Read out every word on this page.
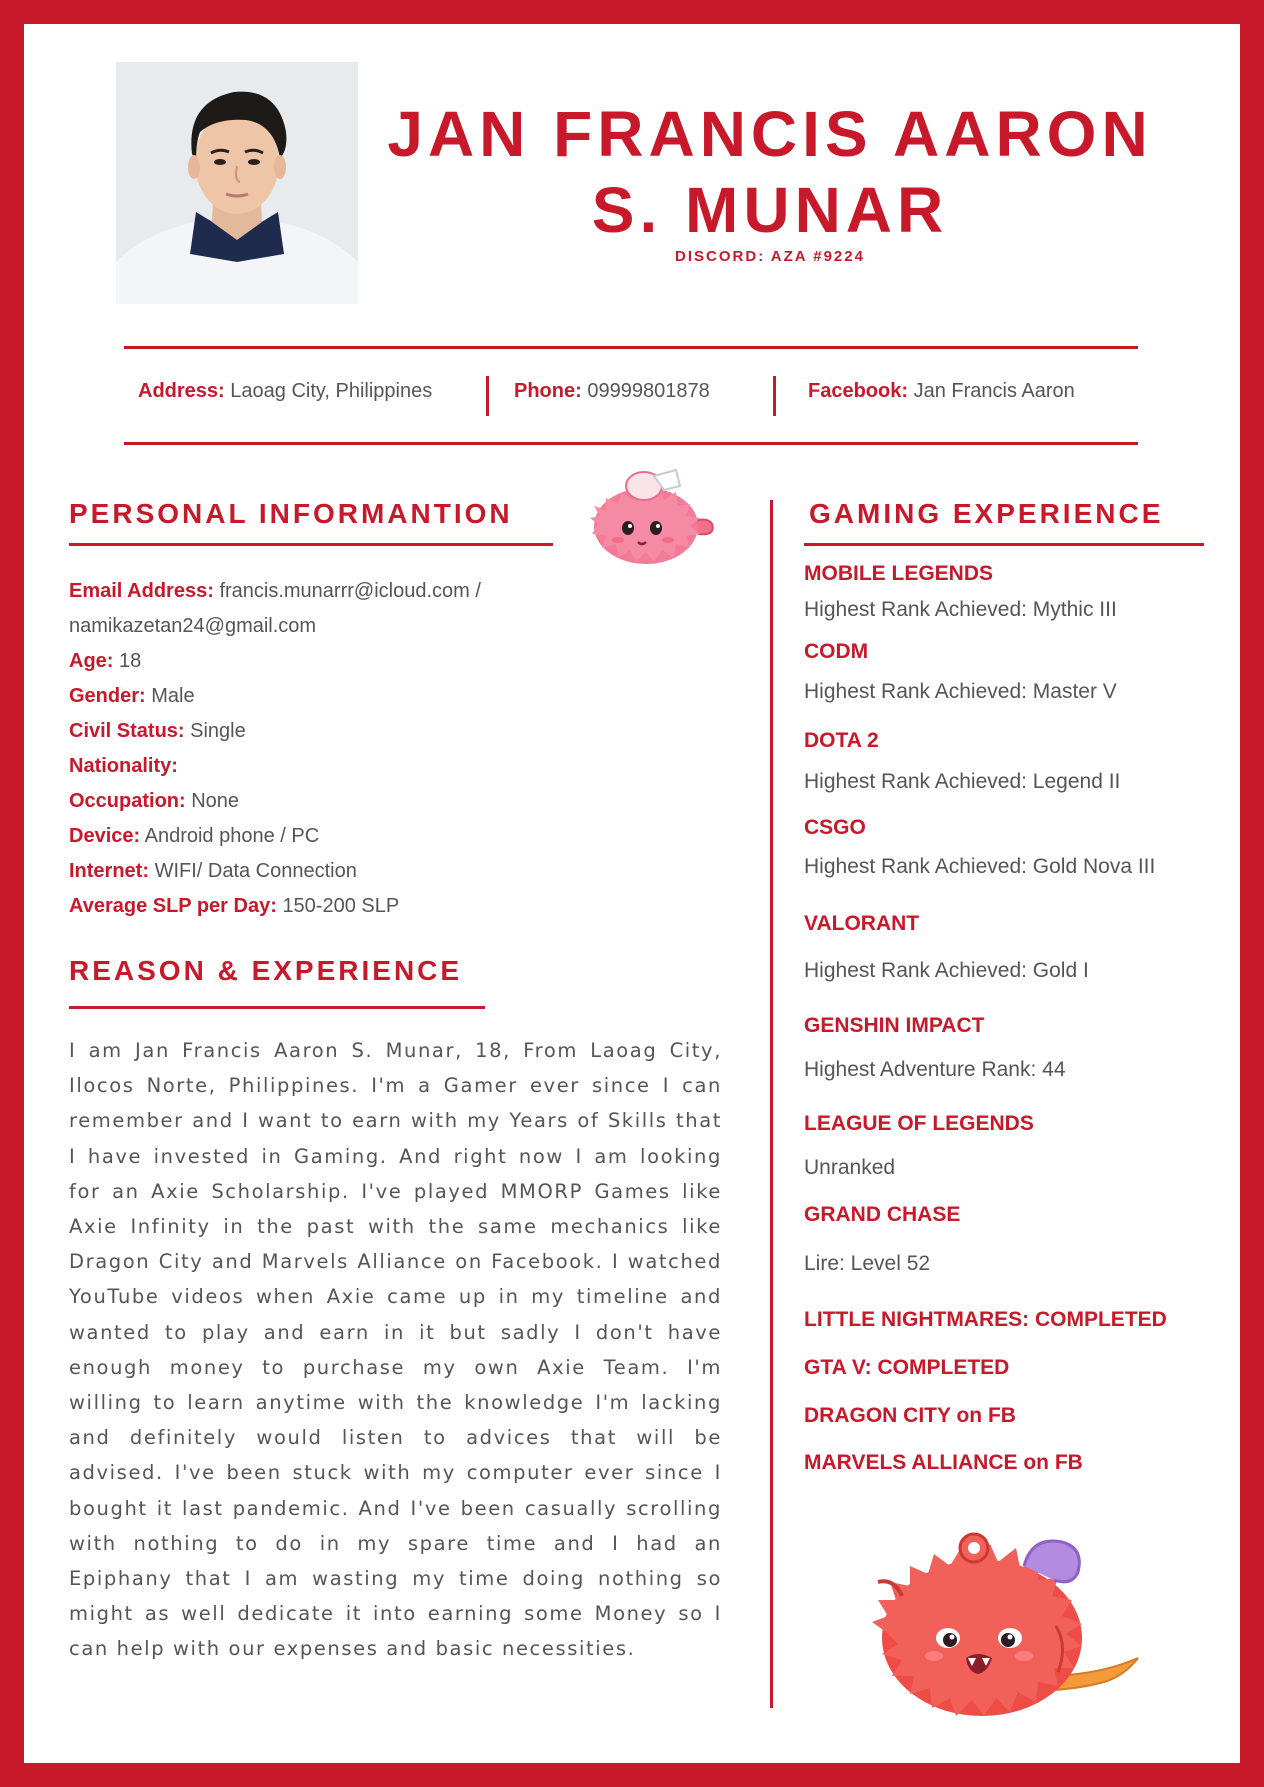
JAN FRANCIS AARON
S. MUNAR
DISCORD: AZA #9224
Address: Laoag City, Philippines	Phone: 09999801878	Facebook: Jan Francis Aaron
PERSONAL INFORMANTION
Email Address: francis.munarrr@icloud.com /
namikazetan24@gmail.com
Age: 18
Gender: Male
Civil Status: Single
Nationality:
Occupation: None
Device: Android phone / PC
Internet: WIFI/ Data Connection
Average SLP per Day: 150-200 SLP
REASON & EXPERIENCE
I am Jan Francis Aaron S. Munar, 18, From Laoag City, Ilocos Norte, Philippines. I'm a Gamer ever since I can remember and I want to earn with my Years of Skills that I have invested in Gaming. And right now I am looking for an Axie Scholarship. I've played MMORP Games like Axie Infinity in the past with the same mechanics like Dragon City and Marvels Alliance on Facebook. I watched YouTube videos when Axie came up in my timeline and wanted to play and earn in it but sadly I don't have enough money to purchase my own Axie Team. I'm willing to learn anytime with the knowledge I'm lacking and definitely would listen to advices that will be advised. I've been stuck with my computer ever since I bought it last pandemic. And I've been casually scrolling with nothing to do in my spare time and I had an Epiphany that I am wasting my time doing nothing so might as well dedicate it into earning some Money so I can help with our expenses and basic necessities.
GAMING EXPERIENCE
MOBILE LEGENDS
Highest Rank Achieved: Mythic III
CODM
Highest Rank Achieved: Master V
DOTA 2
Highest Rank Achieved: Legend II
CSGO
Highest Rank Achieved: Gold Nova III
VALORANT
Highest Rank Achieved: Gold I
GENSHIN IMPACT
Highest Adventure Rank: 44
LEAGUE OF LEGENDS
Unranked
GRAND CHASE
Lire: Level 52
LITTLE NIGHTMARES: COMPLETED
GTA V: COMPLETED
DRAGON CITY on FB
MARVELS ALLIANCE on FB
